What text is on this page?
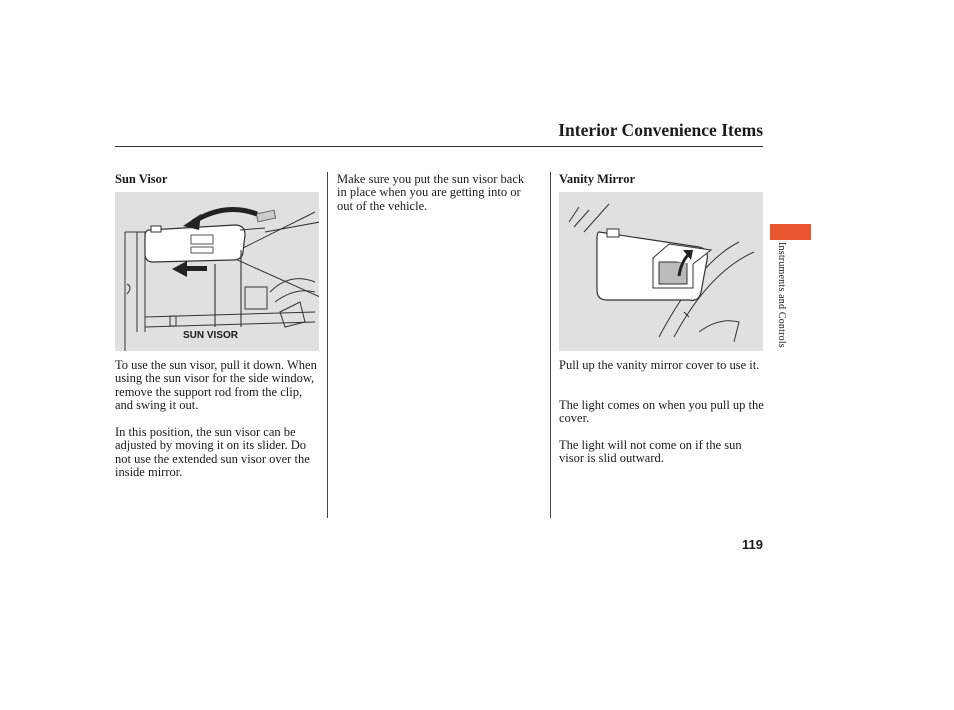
Interior Convenience Items
Sun Visor
SUN VISOR

To use the sun visor, pull it down. When using the sun visor for the side window, remove the support rod from the clip, and swing it out.

In this position, the sun visor can be adjusted by moving it on its slider. Do not use the extended sun visor over the inside mirror.

Make sure you put the sun visor back in place when you are getting into or out of the vehicle.

Vanity Mirror

Pull up the vanity mirror cover to use it.

The light comes on when you pull up the cover.

The light will not come on if the sun visor is slid outward.

Instruments and Controls
119
